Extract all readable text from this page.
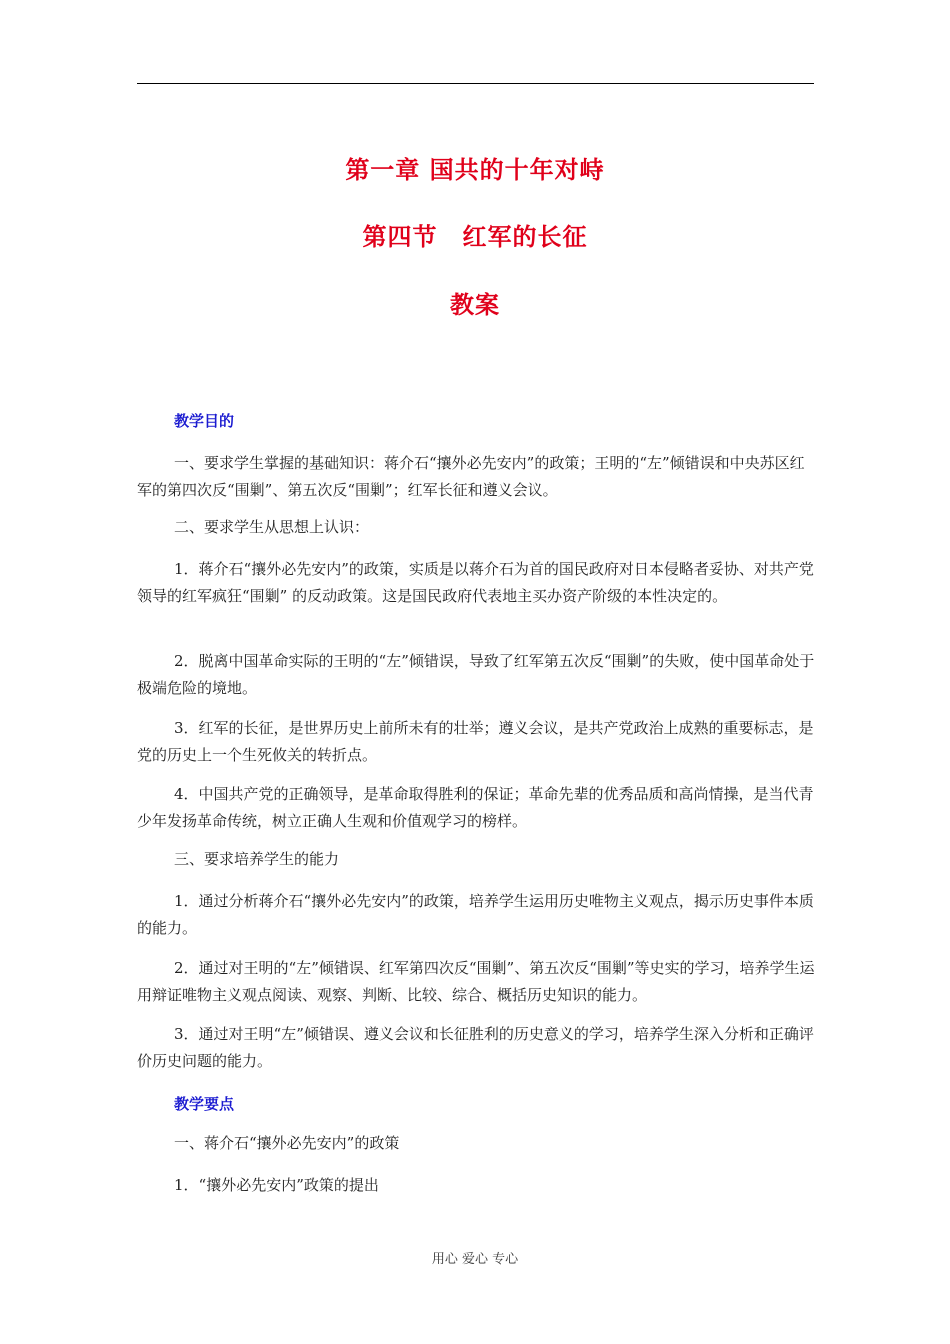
第一章 国共的十年对峙
第四节　红军的长征
教案
教学目的

一、要求学生掌握的基础知识：蒋介石“攘外必先安内”的政策；王明的“左”倾错误和中央苏区红军的第四次反“围剿”、第五次反“围剿”；红军长征和遵义会议。

二、要求学生从思想上认识：

1．蒋介石“攘外必先安内”的政策，实质是以蒋介石为首的国民政府对日本侵略者妥协、对共产党领导的红军疯狂“围剿” 的反动政策。这是国民政府代表地主买办资产阶级的本性决定的。

2．脱离中国革命实际的王明的“左”倾错误，导致了红军第五次反“围剿”的失败，使中国革命处于极端危险的境地。

3．红军的长征，是世界历史上前所未有的壮举；遵义会议，是共产党政治上成熟的重要标志，是党的历史上一个生死攸关的转折点。

4．中国共产党的正确领导，是革命取得胜利的保证；革命先辈的优秀品质和高尚情操，是当代青少年发扬革命传统，树立正确人生观和价值观学习的榜样。

三、要求培养学生的能力

1．通过分析蒋介石“攘外必先安内”的政策，培养学生运用历史唯物主义观点，揭示历史事件本质的能力。

2．通过对王明的“左”倾错误、红军第四次反“围剿”、第五次反“围剿”等史实的学习，培养学生运用辩证唯物主义观点阅读、观察、判断、比较、综合、概括历史知识的能力。

3．通过对王明“左”倾错误、遵义会议和长征胜利的历史意义的学习，培养学生深入分析和正确评价历史问题的能力。

教学要点

一、蒋介石“攘外必先安内”的政策

1．“攘外必先安内”政策的提出

用心 爱心 专心
